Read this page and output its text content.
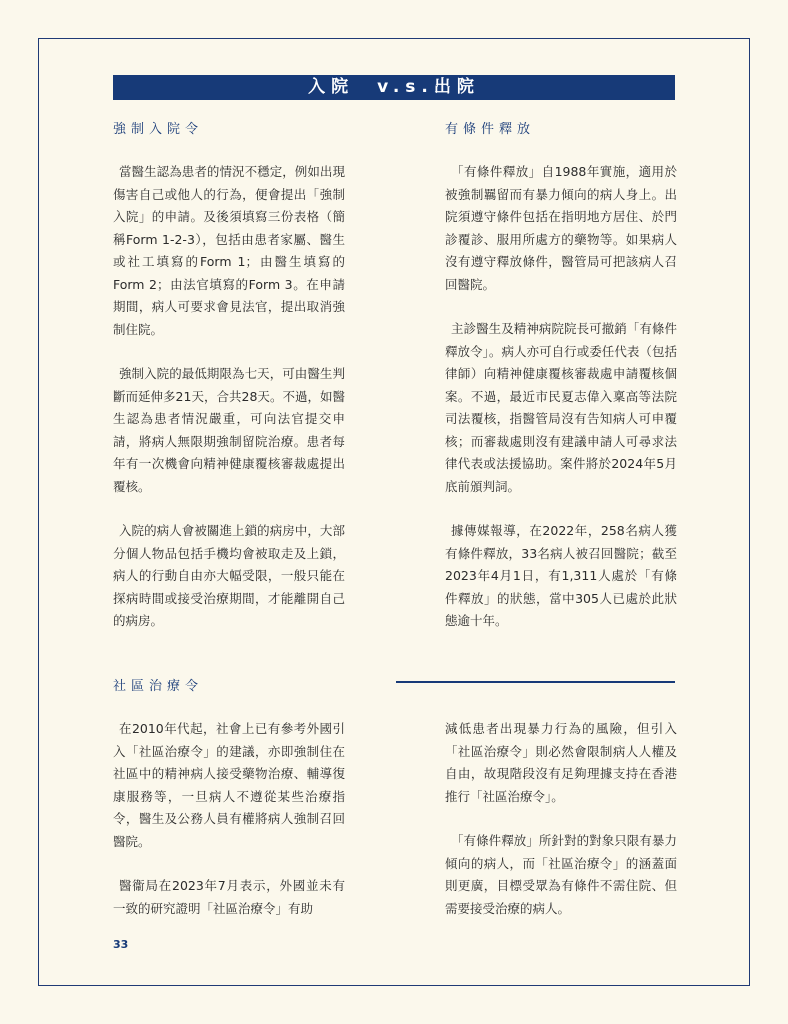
入院　v.s.出院
強制入院令	有條件釋放

當醫生認為患者的情況不穩定，例如出現傷害自己或他人的行為，便會提出「強制入院」的申請。及後須填寫三份表格（簡稱Form 1-2-3），包括由患者家屬、醫生或社工填寫的Form 1；由醫生填寫的Form 2；由法官填寫的Form 3。在申請期間，病人可要求會見法官，提出取消強制住院。

強制入院的最低期限為七天，可由醫生判斷而延伸多21天，合共28天。不過，如醫生認為患者情況嚴重，可向法官提交申請，將病人無限期強制留院治療。患者每年有一次機會向精神健康覆核審裁處提出覆核。

入院的病人會被關進上鎖的病房中，大部分個人物品包括手機均會被取走及上鎖，病人的行動自由亦大幅受限，一般只能在探病時間或接受治療期間，才能離開自己的病房。

「有條件釋放」自1988年實施，適用於被強制羈留而有暴力傾向的病人身上。出院須遵守條件包括在指明地方居住、於門診覆診、服用所處方的藥物等。如果病人沒有遵守釋放條件，醫管局可把該病人召回醫院。

主診醫生及精神病院院長可撤銷「有條件釋放令」。病人亦可自行或委任代表（包括律師）向精神健康覆核審裁處申請覆核個案。不過，最近市民夏志偉入稟高等法院司法覆核，指醫管局沒有告知病人可申覆核；而審裁處則沒有建議申請人可尋求法律代表或法援協助。案件將於2024年5月底前頒判詞。

據傳媒報導，在2022年，258名病人獲有條件釋放，33名病人被召回醫院；截至2023年4月1日，有1,311人處於「有條件釋放」的狀態，當中305人已處於此狀態逾十年。

社區治療令

在2010年代起，社會上已有參考外國引入「社區治療令」的建議，亦即強制住在社區中的精神病人接受藥物治療、輔導復康服務等，一旦病人不遵從某些治療指令，醫生及公務人員有權將病人強制召回醫院。

醫衞局在2023年7月表示，外國並未有一致的研究證明「社區治療令」有助

減低患者出現暴力行為的風險，但引入「社區治療令」則必然會限制病人人權及自由，故現階段沒有足夠理據支持在香港推行「社區治療令」。

「有條件釋放」所針對的對象只限有暴力傾向的病人，而「社區治療令」的涵蓋面則更廣，目標受眾為有條件不需住院、但需要接受治療的病人。

33
